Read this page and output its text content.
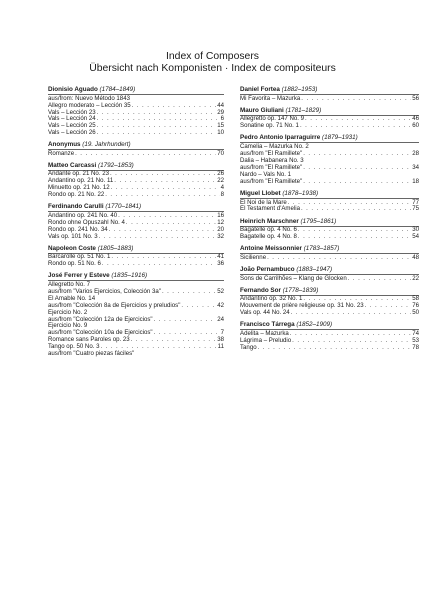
Index of Composers
Übersicht nach Komponisten · Index de compositeurs
Dionisio Aguado (1784–1849)
aus/from: Nuevo Método 1843
Allegro moderato – Lección 35 . . .	44
Vals – Lección 23 . . .	29
Vals – Lección 24 . . .	6
Vals – Lección 25 . . .	15
Vals – Lección 26 . . .	10
Anonymus (19. Jahrhundert)
Romanze . . .	70
Matteo Carcassi (1792–1853)
Andante op. 21 No. 23 . . .	26
Andantino op. 21 No. 11 . . .	22
Minuetto op. 21 No. 12 . . .	4
Rondo op. 21 No. 22 . . .	8
Ferdinando Carulli (1770–1841)
Andantino op. 241 No. 40 . . .	16
Rondo ohne Opuszahl No. 4 . . .	12
Rondo op. 241 No. 34 . . .	20
Vals op. 101 No. 3 . . .	32
Napoleon Coste (1805–1883)
Barcarolle op. 51 No. 1 . . .	41
Rondo op. 51 No. 6 . . .	36
José Ferrer y Esteve (1835–1916)
Allegretto No. 7
aus/from "Varios Ejercicios, Colección 3a" . . .	52
El Amable No. 14
aus/from "Colección 8a de Ejercicios y preludios" . . .	42
Ejercicio No. 2
aus/from "Colección 12a de Ejercicios" . . .	24
Ejercicio No. 9
aus/from "Colección 10a de Ejercicios" . . .	7
Romance sans Paroles op. 23 . . .	38
Tango op. 50 No. 3 . . .	11
aus/from "Cuatro piezas fáciles"
Daniel Fortea (1882–1953)
Mi Favorita – Mazurka . . .	56
Mauro Giuliani (1781–1829)
Allegretto op. 147 No. 9 . . .	46
Sonatine op. 71 No. 1 . . .	60
Pedro Antonio Iparraguirre (1879–1931)
Camelia – Mazurka No. 2
aus/from "El Ramillete" . . .	28
Dalia – Habanera No. 3
aus/from "El Ramillete" . . .	34
Nardo – Vals No. 1
aus/from "El Ramillete" . . .	18
Miguel Llobet (1878–1938)
El Noi de la Mare . . .	77
El Testament d'Amelia . . .	75
Heinrich Marschner (1795–1861)
Bagatelle op. 4 No. 6 . . .	30
Bagatelle op. 4 No. 8 . . .	54
Antoine Meissonnier (1783–1857)
Sicilienne . . .	48
João Pernambuco (1883–1947)
Sons de Carrilhões – Klang de Glocken . . .	22
Fernando Sor (1778–1839)
Andantino op. 32 No. 1 . . .	58
Mouvement de prière religieuse op. 31 No. 23 . . .	76
Vals op. 44 No. 24 . . .	50
Francisco Tárrega (1852–1909)
Adelita – Mazurka . . .	74
Lágrima – Preludio . . .	53
Tango . . .	78
